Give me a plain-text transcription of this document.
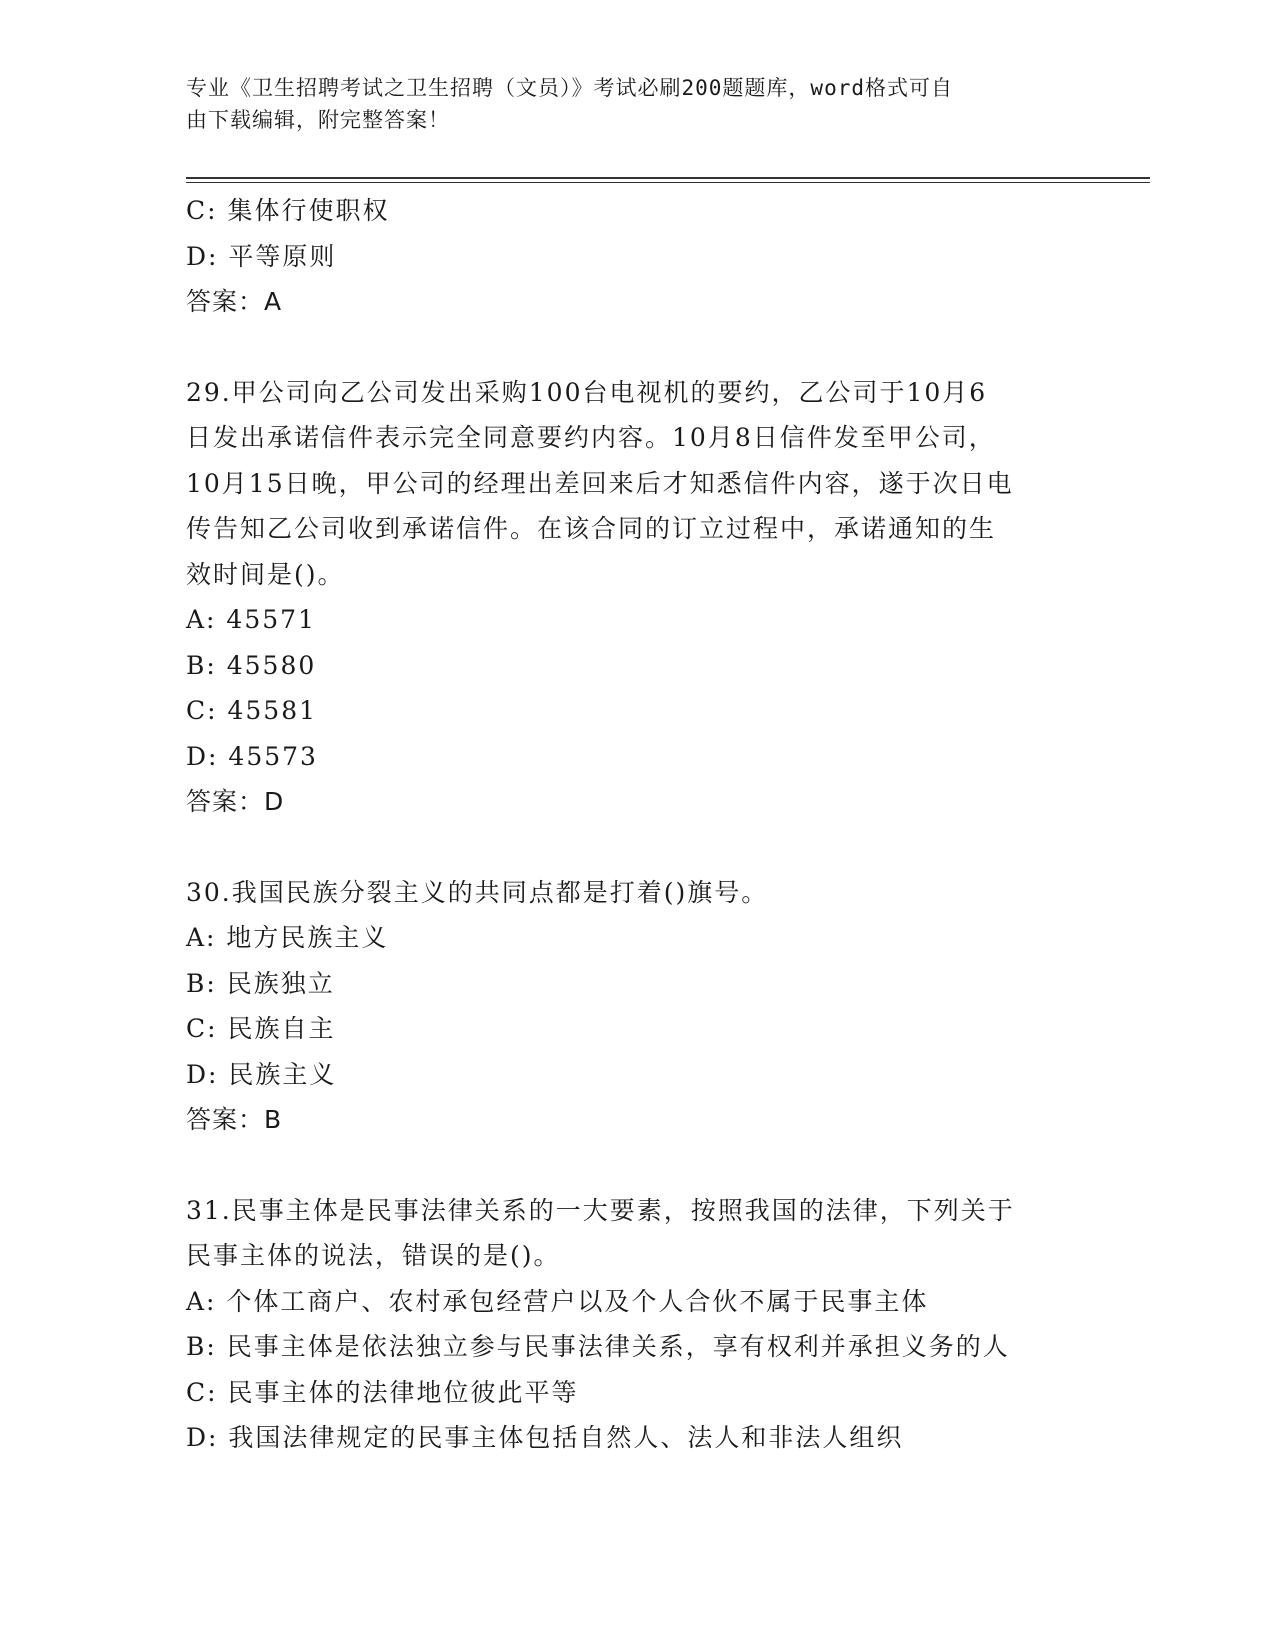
专业《卫生招聘考试之卫生招聘（文员）》考试必刷200题题库，word格式可自
由下载编辑，附完整答案！
C: 集体行使职权
D: 平等原则
答案：A
29.甲公司向乙公司发出采购100台电视机的要约，乙公司于10月6
日发出承诺信件表示完全同意要约内容。10月8日信件发至甲公司，
10月15日晚，甲公司的经理出差回来后才知悉信件内容，遂于次日电
传告知乙公司收到承诺信件。在该合同的订立过程中，承诺通知的生
效时间是()。
A: 45571
B: 45580
C: 45581
D: 45573
答案：D
30.我国民族分裂主义的共同点都是打着()旗号。
A: 地方民族主义
B: 民族独立
C: 民族自主
D: 民族主义
答案：B
31.民事主体是民事法律关系的一大要素，按照我国的法律，下列关于
民事主体的说法，错误的是()。
A: 个体工商户、农村承包经营户以及个人合伙不属于民事主体
B: 民事主体是依法独立参与民事法律关系，享有权利并承担义务的人
C: 民事主体的法律地位彼此平等
D: 我国法律规定的民事主体包括自然人、法人和非法人组织
